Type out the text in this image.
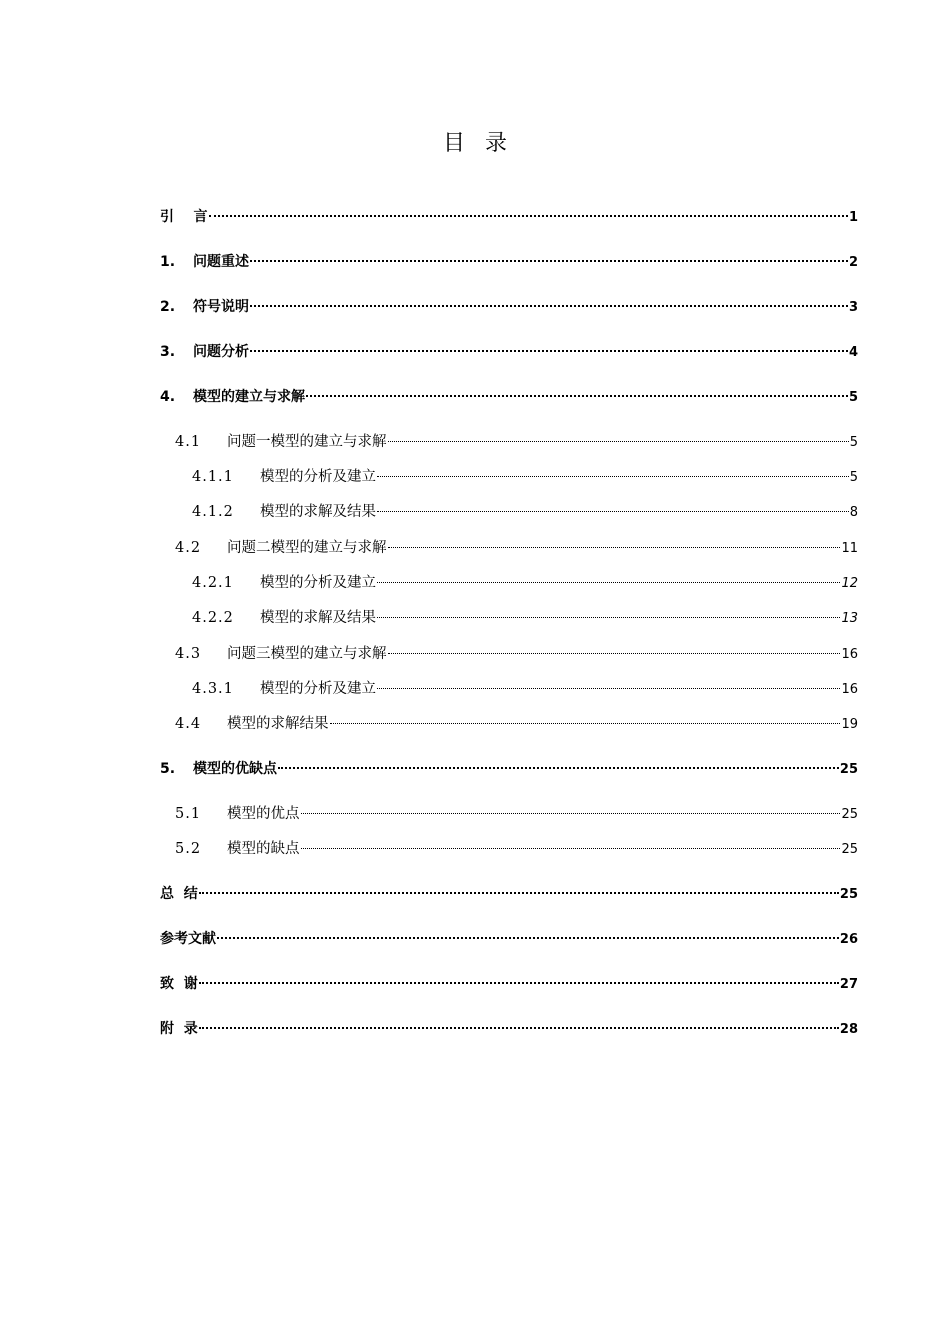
目 录
引    言	1
1.	问题重述	2
2.	符号说明	3
3.	问题分析	4
4.	模型的建立与求解	5
4.1	问题一模型的建立与求解	5
4.1.1	模型的分析及建立	5
4.1.2	模型的求解及结果	8
4.2	问题二模型的建立与求解	11
4.2.1	模型的分析及建立	12
4.2.2	模型的求解及结果	13
4.3	问题三模型的建立与求解	16
4.3.1	模型的分析及建立	16
4.4	模型的求解结果	19
5.	模型的优缺点	25
5.1	模型的优点	25
5.2	模型的缺点	25
总  结	25
参考文献	26
致  谢	27
附  录	28
